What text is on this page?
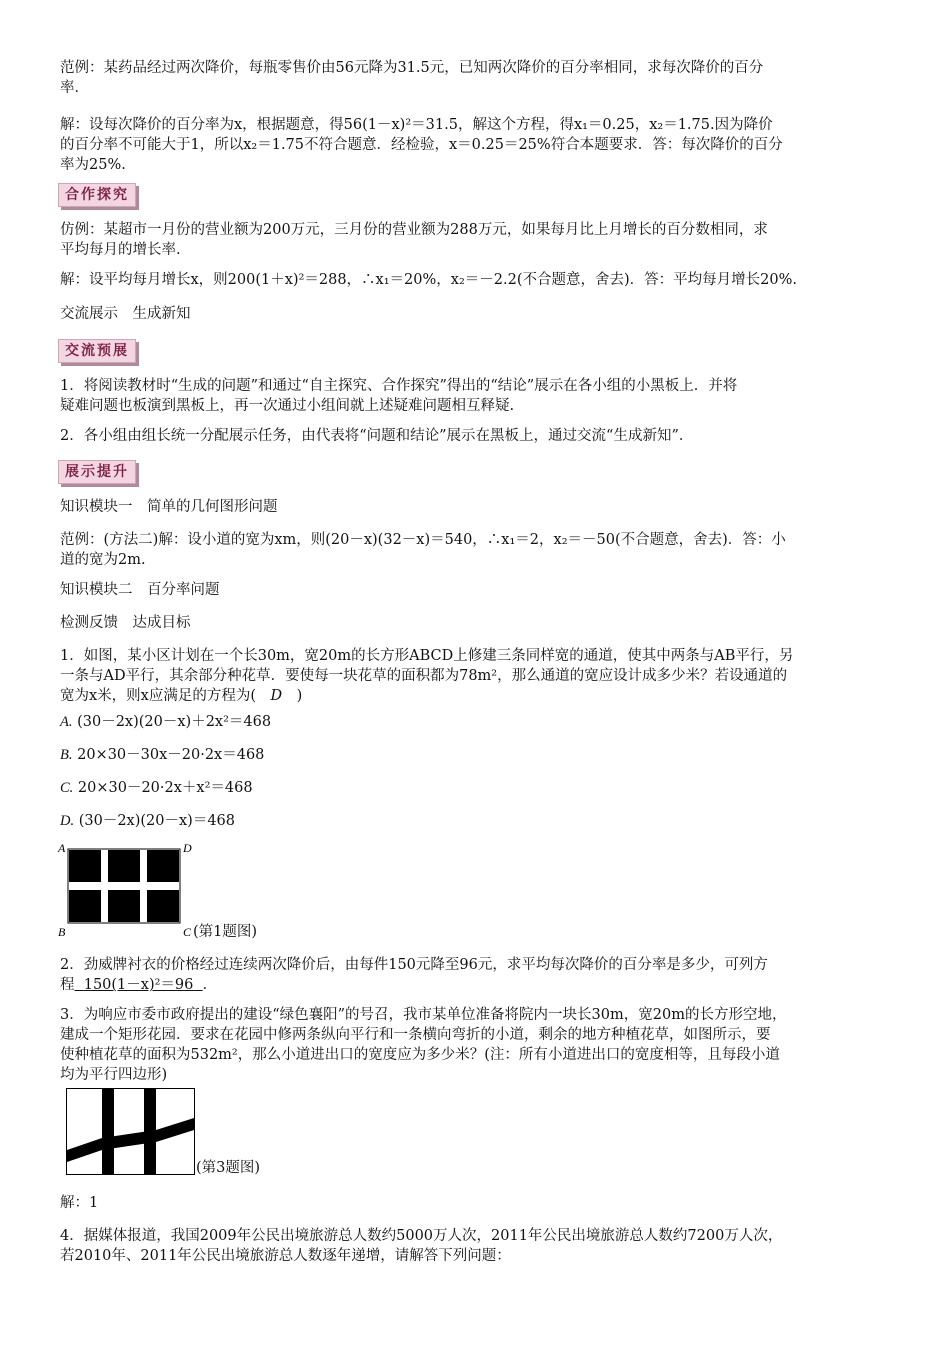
范例：某药品经过两次降价，每瓶零售价由56元降为31.5元，已知两次降价的百分率相同，求每次降价的百分

率．

解：设每次降价的百分率为x，根据题意，得56(1－x)²＝31.5，解这个方程，得x₁＝0.25，x₂＝1.75.因为降价

的百分率不可能大于1，所以x₂＝1.75不符合题意．经检验，x＝0.25＝25%符合本题要求．答：每次降价的百分

率为25%.

合作探究

仿例：某超市一月份的营业额为200万元，三月份的营业额为288万元，如果每月比上月增长的百分数相同，求

平均每月的增长率.

解：设平均每月增长x，则200(1＋x)²＝288，∴x₁＝20%，x₂＝－2.2(不合题意，舍去)．答：平均每月增长20%.

交流展示　生成新知

交流预展

1．将阅读教材时“生成的问题”和通过“自主探究、合作探究”得出的“结论”展示在各小组的小黑板上．并将

疑难问题也板演到黑板上，再一次通过小组间就上述疑难问题相互释疑.

2．各小组由组长统一分配展示任务，由代表将“问题和结论”展示在黑板上，通过交流“生成新知”．

展示提升

知识模块一　简单的几何图形问题

范例：(方法二)解：设小道的宽为xm，则(20－x)(32－x)＝540，∴x₁＝2，x₂＝－50(不合题意，舍去)．答：小

道的宽为2m.

知识模块二　百分率问题

检测反馈　达成目标

1．如图，某小区计划在一个长30m，宽20m的长方形ABCD上修建三条同样宽的通道，使其中两条与AB平行，另

一条与AD平行，其余部分种花草．要使每一块花草的面积都为78m²，那么通道的宽应设计成多少米？若设通道的

宽为x米，则x应满足的方程为(　D　)

A. (30－2x)(20－x)＋2x²＝468
B. 20×30－30x－20·2x＝468
C. 20×30－20·2x＋x²＝468
D. (30－2x)(20－x)＝468
A	D
B	C (第1题图)

2．劲威牌衬衣的价格经过连续两次降价后，由每件150元降至96元，求平均每次降价的百分率是多少，可列方

程 150(1－x)²＝96 ．

3．为响应市委市政府提出的建设“绿色襄阳”的号召，我市某单位准备将院内一块长30m，宽20m的长方形空地，

建成一个矩形花园．要求在花园中修两条纵向平行和一条横向弯折的小道，剩余的地方种植花草，如图所示，要

使种植花草的面积为532m²，那么小道进出口的宽度应为多少米？(注：所有小道进出口的宽度相等，且每段小道

均为平行四边形)

(第3题图)

解：1

4．据媒体报道，我国2009年公民出境旅游总人数约5000万人次，2011年公民出境旅游总人数约7200万人次，

若2010年、2011年公民出境旅游总人数逐年递增，请解答下列问题：
